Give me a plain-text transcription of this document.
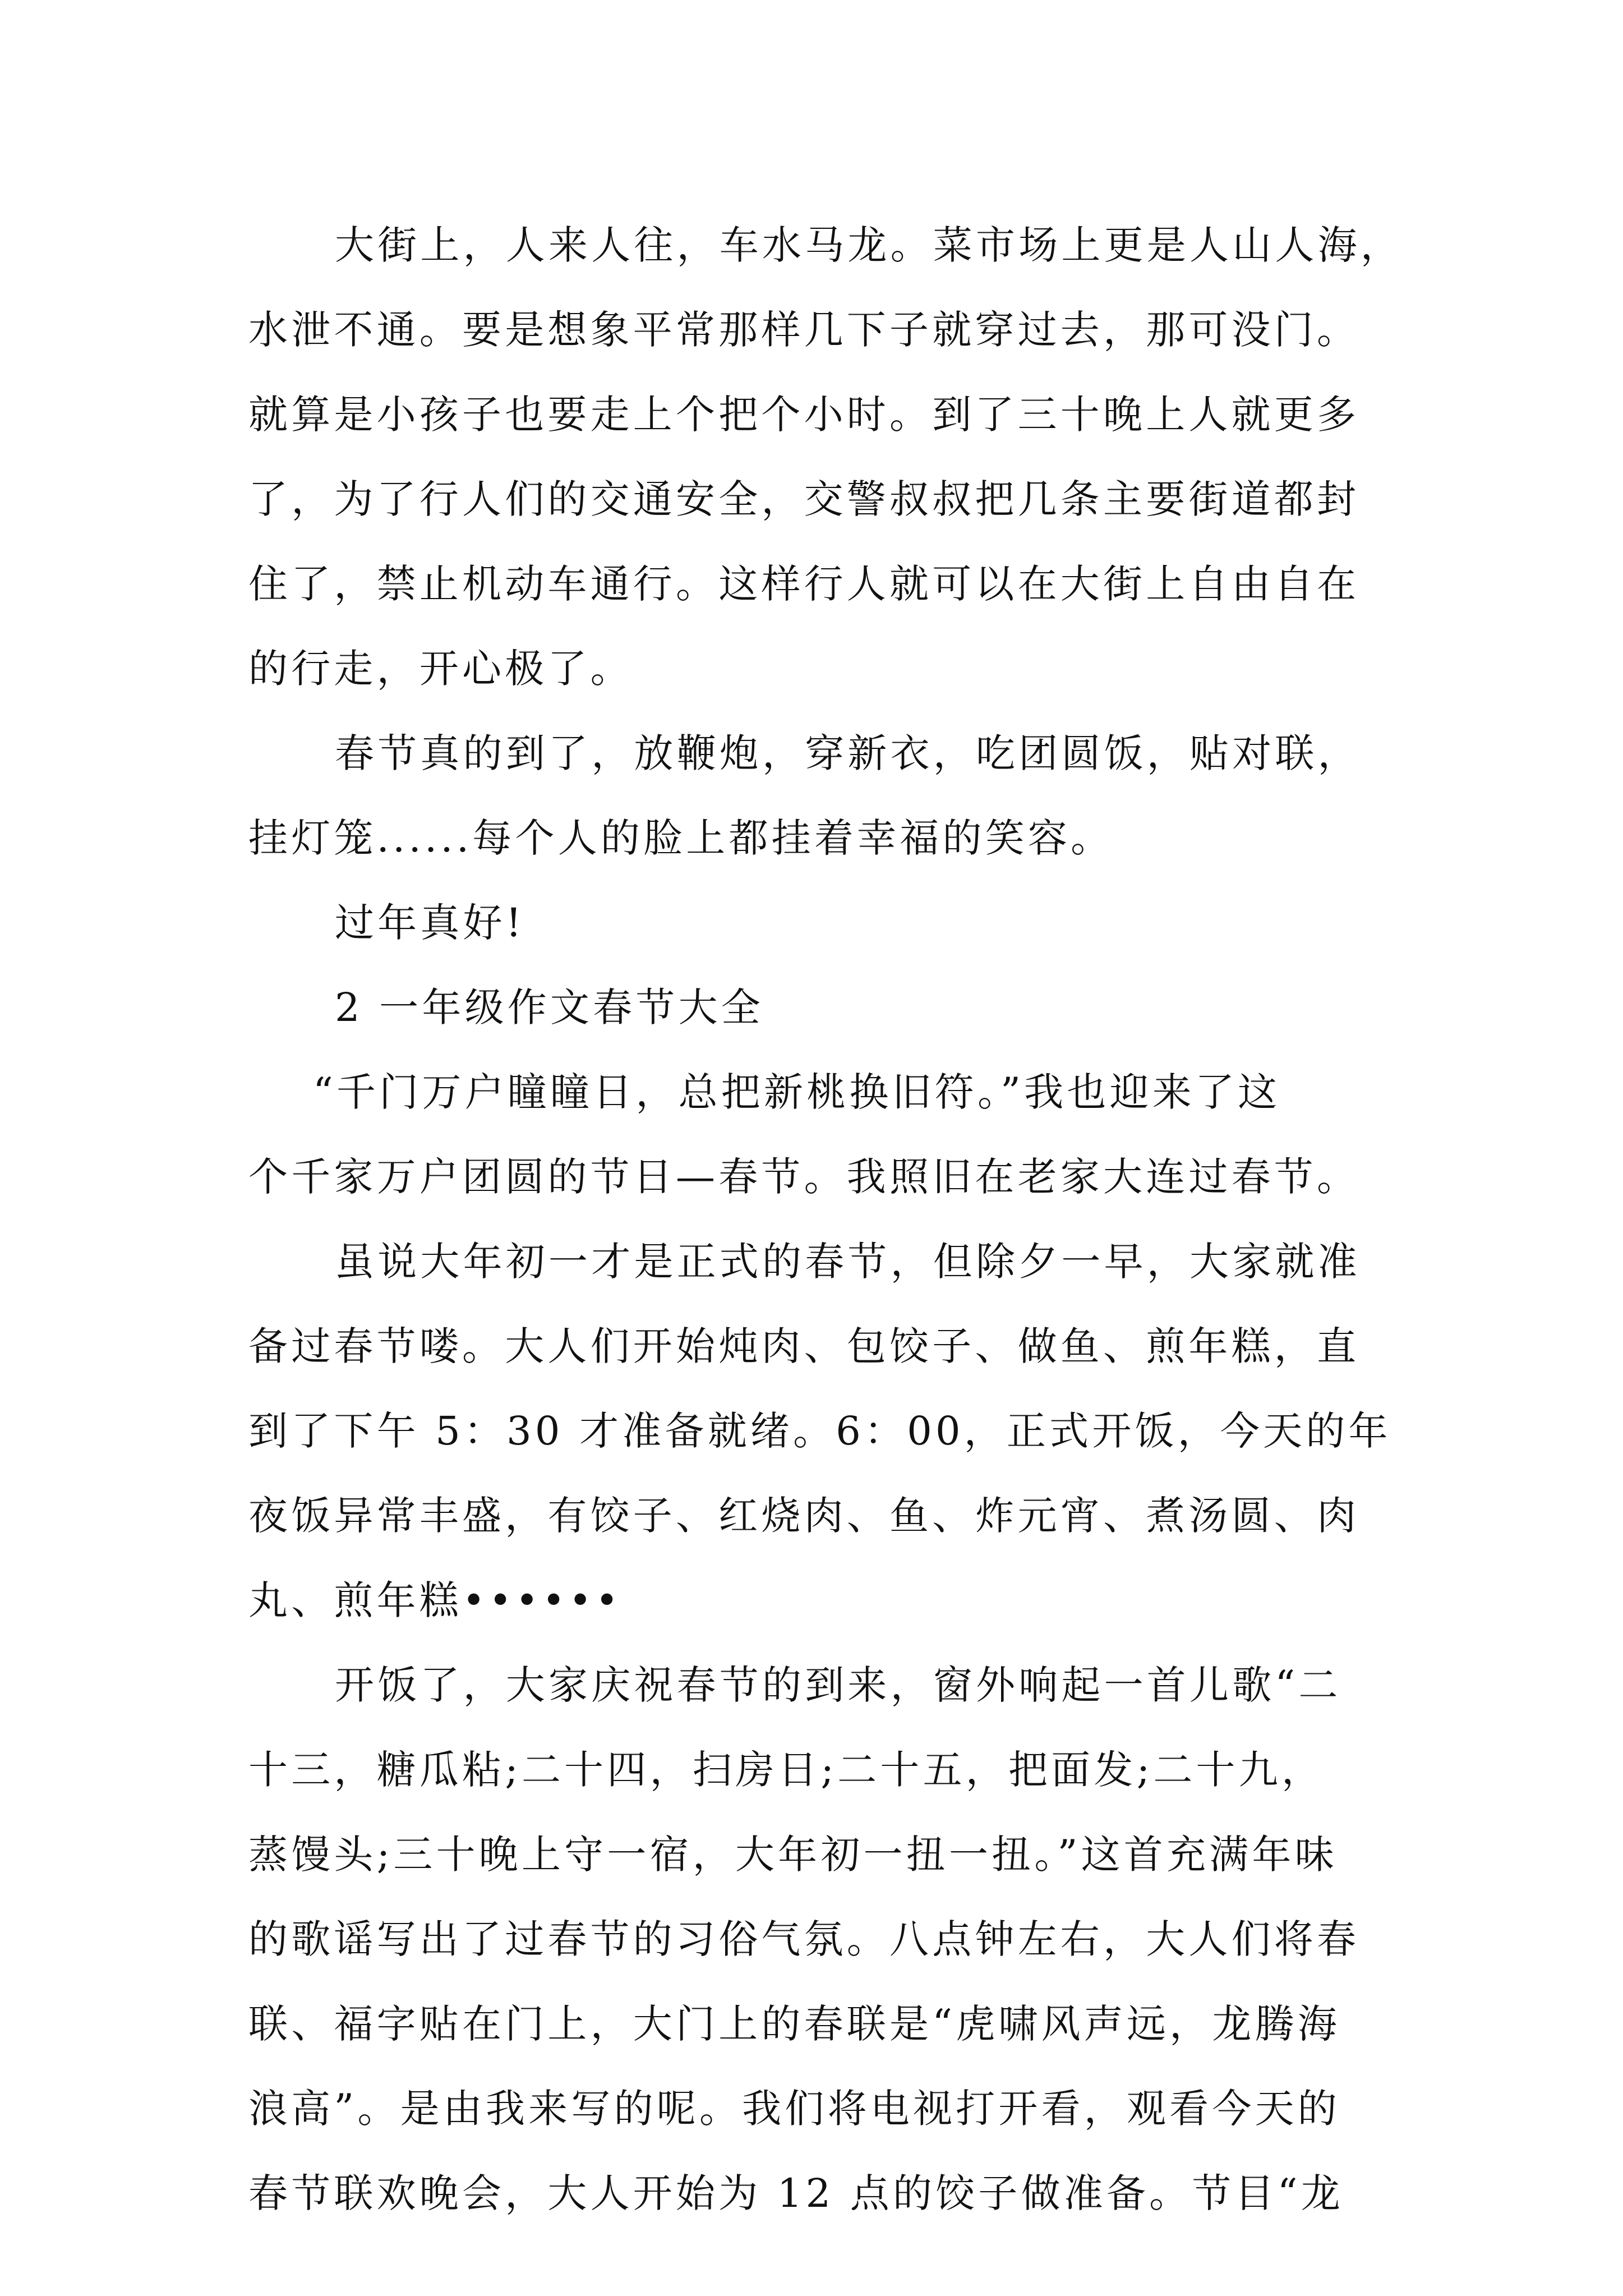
大街上，人来人往，车水马龙。菜市场上更是人山人海，
水泄不通。要是想象平常那样几下子就穿过去，那可没门。
就算是小孩子也要走上个把个小时。到了三十晚上人就更多
了，为了行人们的交通安全，交警叔叔把几条主要街道都封
住了，禁止机动车通行。这样行人就可以在大街上自由自在
的行走，开心极了。
春节真的到了，放鞭炮，穿新衣，吃团圆饭，贴对联，
挂灯笼......每个人的脸上都挂着幸福的笑容。
过年真好!
2 一年级作文春节大全
“千门万户瞳瞳日，总把新桃换旧符。”我也迎来了这
个千家万户团圆的节日—春节。我照旧在老家大连过春节。
虽说大年初一才是正式的春节，但除夕一早，大家就准
备过春节喽。大人们开始炖肉、包饺子、做鱼、煎年糕，直
到了下午 5：30 才准备就绪。6：00，正式开饭，今天的年
夜饭异常丰盛，有饺子、红烧肉、鱼、炸元宵、煮汤圆、肉
丸、煎年糕••••••
开饭了，大家庆祝春节的到来，窗外响起一首儿歌“二
十三，糖瓜粘;二十四，扫房日;二十五，把面发;二十九，
蒸馒头;三十晚上守一宿，大年初一扭一扭。”这首充满年味
的歌谣写出了过春节的习俗气氛。八点钟左右，大人们将春
联、福字贴在门上，大门上的春联是“虎啸风声远，龙腾海
浪高”。是由我来写的呢。我们将电视打开看，观看今天的
春节联欢晚会，大人开始为 12 点的饺子做准备。节目“龙
